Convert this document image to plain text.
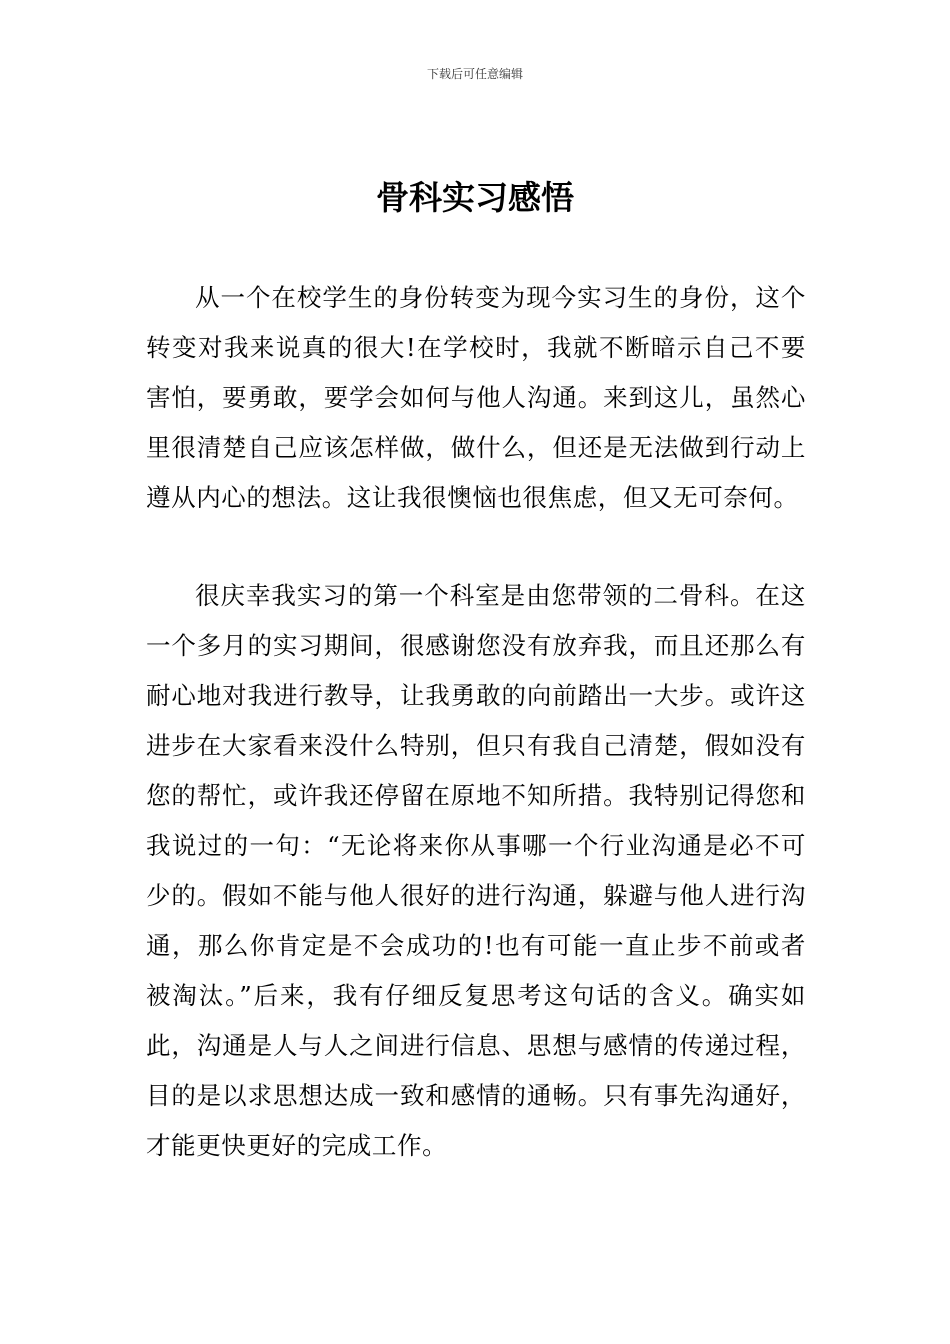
下载后可任意编辑
骨科实习感悟

从一个在校学生的身份转变为现今实习生的身份，这个转变对我来说真的很大!在学校时，我就不断暗示自己不要害怕，要勇敢，要学会如何与他人沟通。来到这儿，虽然心里很清楚自己应该怎样做，做什么，但还是无法做到行动上遵从内心的想法。这让我很懊恼也很焦虑，但又无可奈何。

很庆幸我实习的第一个科室是由您带领的二骨科。在这一个多月的实习期间，很感谢您没有放弃我，而且还那么有耐心地对我进行教导，让我勇敢的向前踏出一大步。或许这进步在大家看来没什么特别，但只有我自己清楚，假如没有您的帮忙，或许我还停留在原地不知所措。我特别记得您和我说过的一句：“无论将来你从事哪一个行业沟通是必不可少的。假如不能与他人很好的进行沟通，躲避与他人进行沟通，那么你肯定是不会成功的!也有可能一直止步不前或者被淘汰。”后来，我有仔细反复思考这句话的含义。确实如此，沟通是人与人之间进行信息、思想与感情的传递过程，目的是以求思想达成一致和感情的通畅。只有事先沟通好，才能更快更好的完成工作。
